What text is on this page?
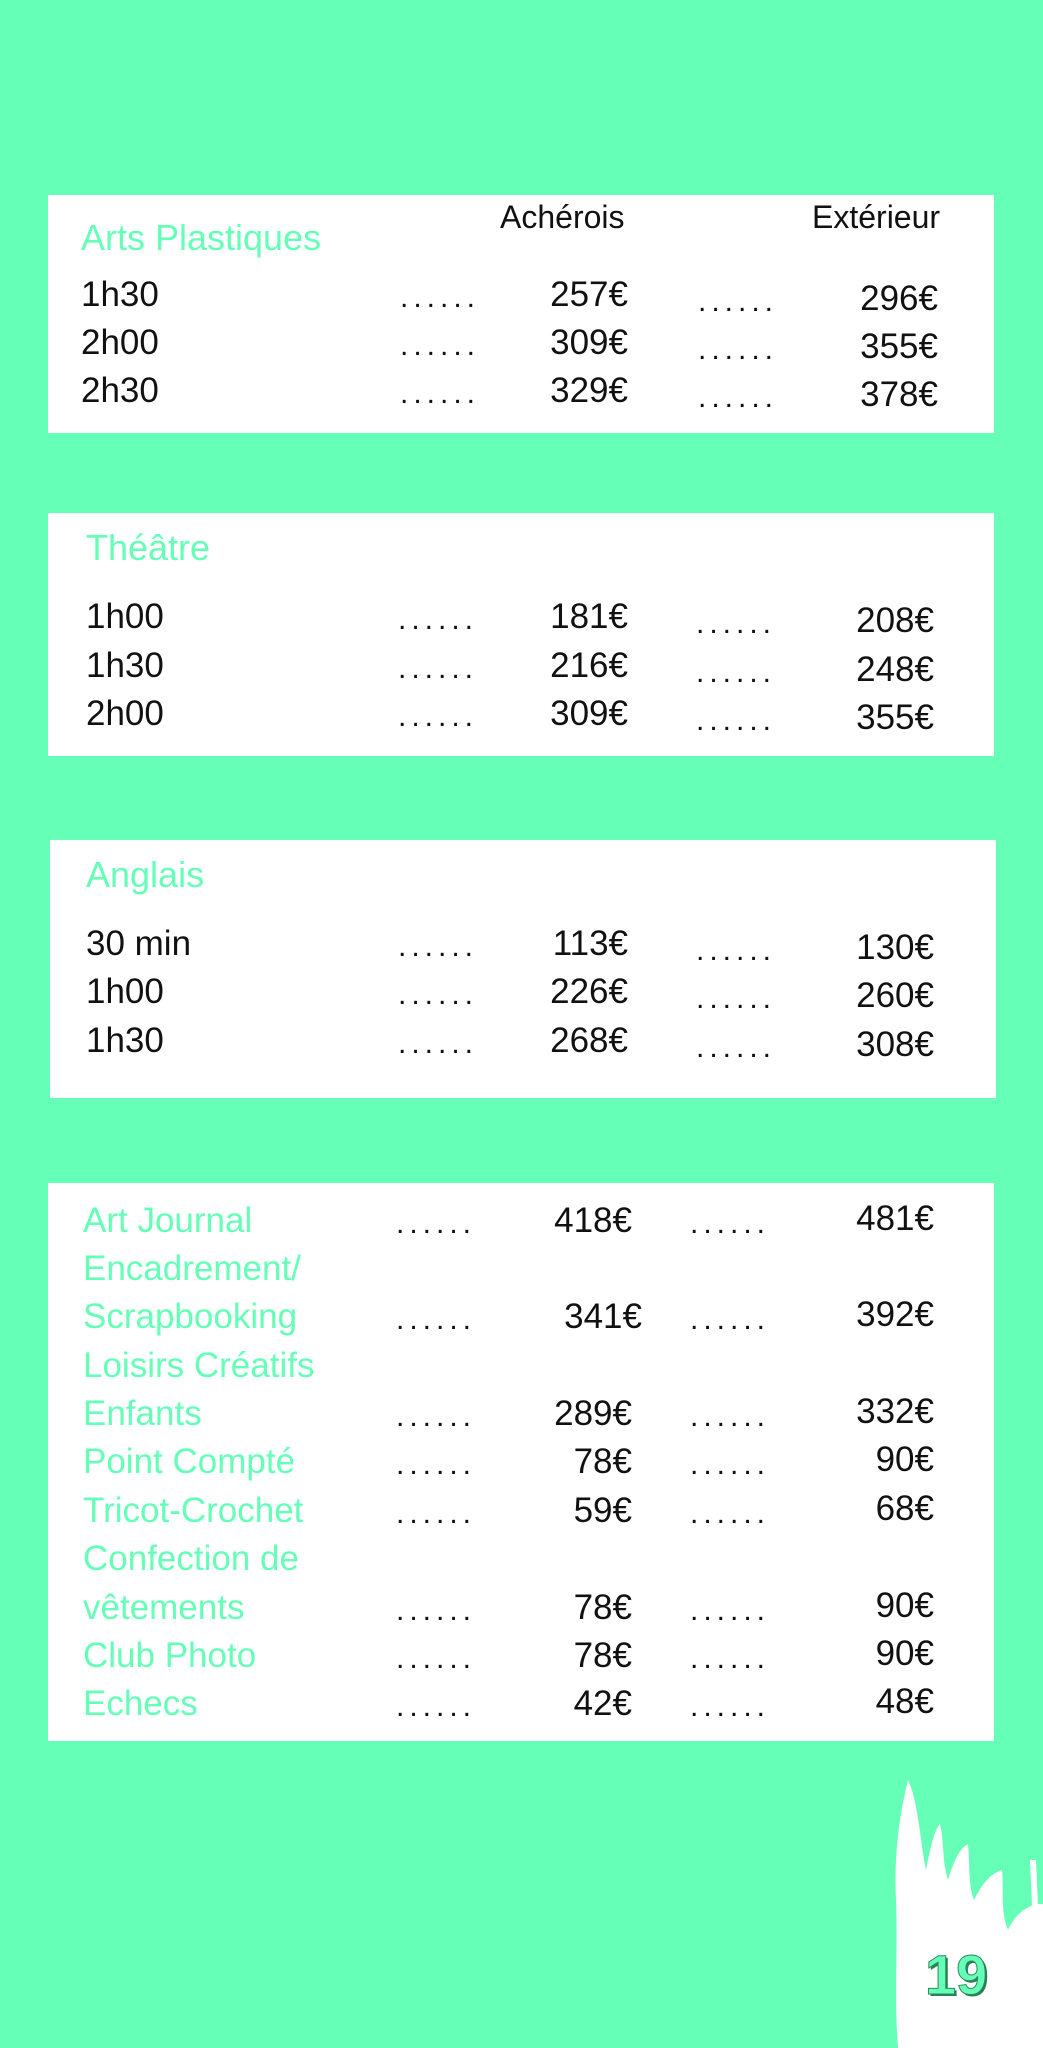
Achérois	Extérieur
Arts Plastiques
1h30	......	257€ ......	296€
2h00	......	309€ ......	355€
2h30	......	329€ ......	378€
Théâtre
1h00	......	181€ ......	208€
1h30	......	216€ ......	248€
2h00	......	309€ ......	355€
Anglais
30 min	......	113€ ......	130€
1h00	......	226€ ......	260€
1h30	......	268€ ......	308€
Art Journal	......	418€ ......	481€
Encadrement/
Scrapbooking	......	341€ ......	392€
Loisirs Créatifs
Enfants	......	289€ ......	332€
Point Compté	......	78€ ......	90€
Tricot-Crochet	......	59€ ......	68€
Confection de
vêtements	......	78€ ......	90€
Club Photo	......	78€ ......	90€
Echecs	......	42€ ......	48€
19
